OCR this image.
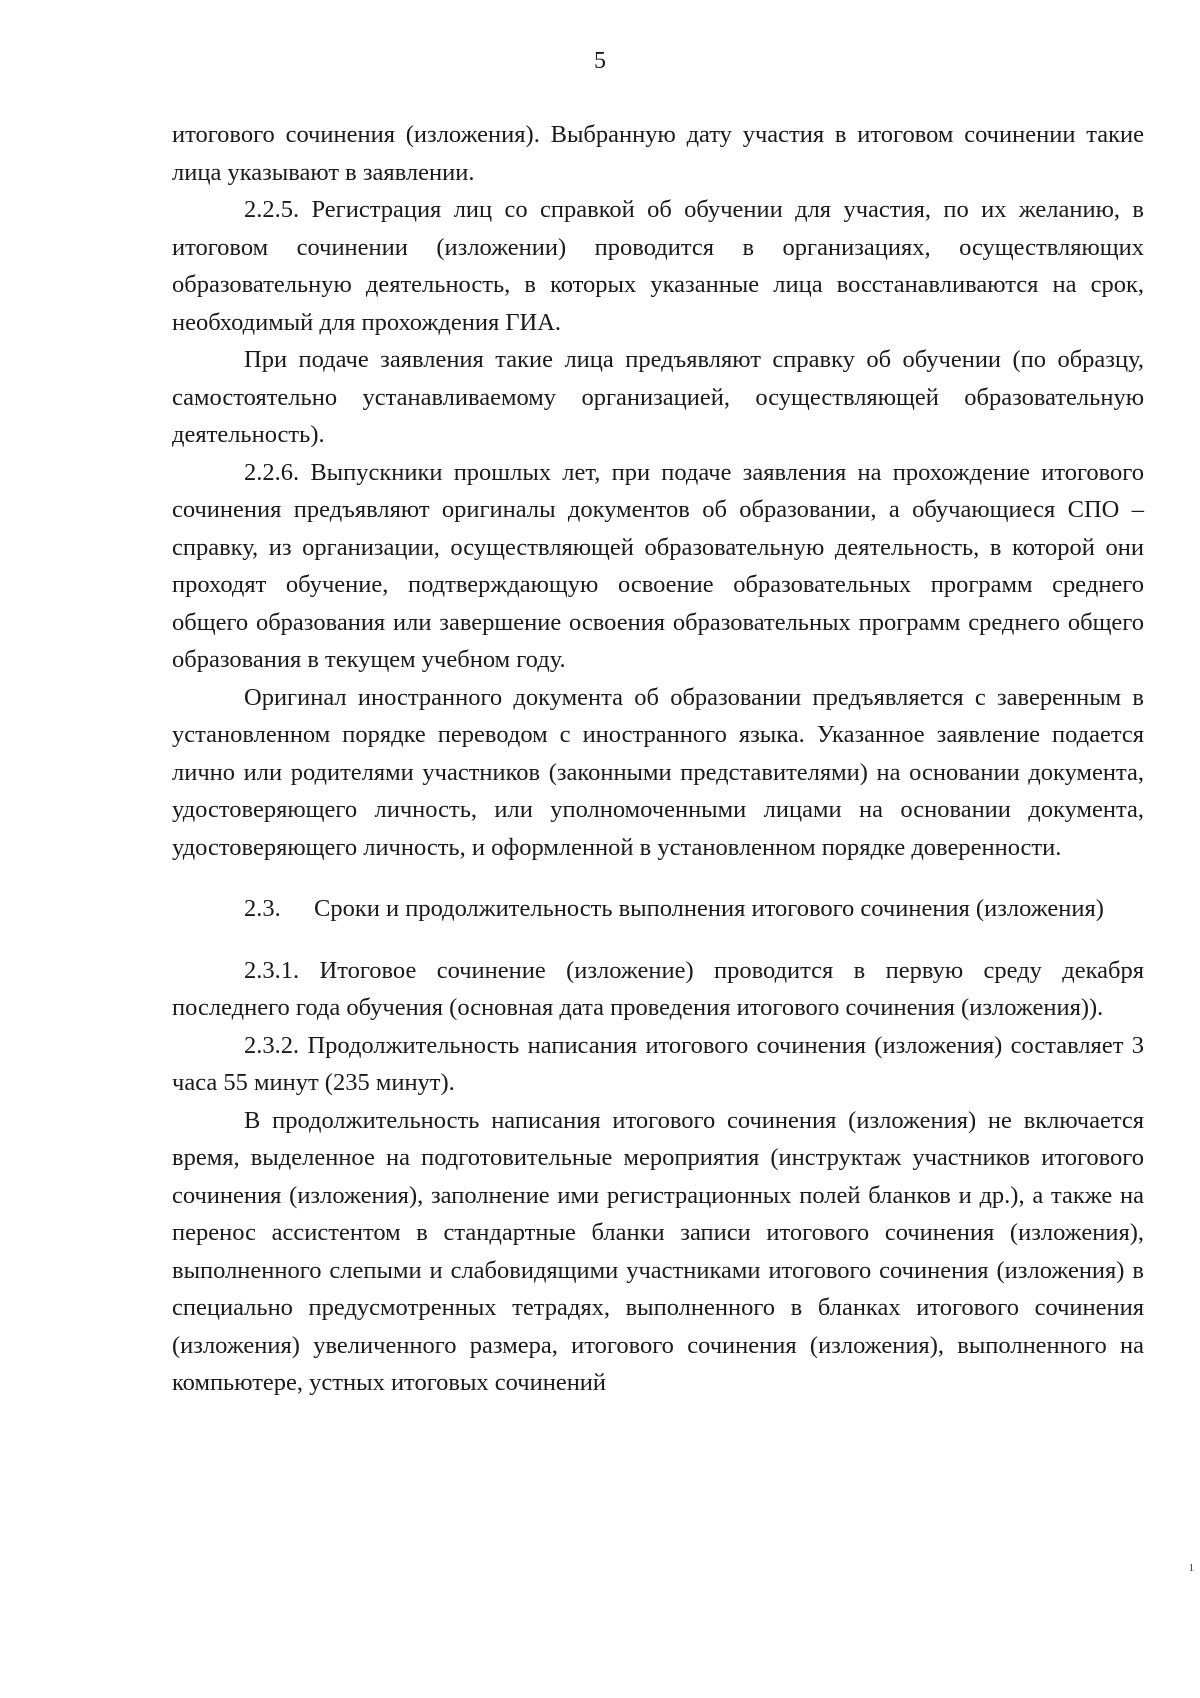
5

итогового сочинения (изложения). Выбранную дату участия в итоговом сочинении такие лица указывают в заявлении.

2.2.5. Регистрация лиц со справкой об обучении для участия, по их желанию, в итоговом сочинении (изложении) проводится в организациях, осуществляющих образовательную деятельность, в которых указанные лица восстанавливаются на срок, необходимый для прохождения ГИА.

При подаче заявления такие лица предъявляют справку об обучении (по образцу, самостоятельно устанавливаемому организацией, осуществляющей образовательную деятельность).

2.2.6. Выпускники прошлых лет, при подаче заявления на прохождение итогового сочинения предъявляют оригиналы документов об образовании, а обучающиеся СПО – справку, из организации, осуществляющей образовательную деятельность, в которой они проходят обучение, подтверждающую освоение образовательных программ среднего общего образования или завершение освоения образовательных программ среднего общего образования в текущем учебном году.

Оригинал иностранного документа об образовании предъявляется с заверенным в установленном порядке переводом с иностранного языка. Указанное заявление подается лично или родителями участников (законными представителями) на основании документа, удостоверяющего личность, или уполномоченными лицами на основании документа, удостоверяющего личность, и оформленной в установленном порядке доверенности.

2.3. Сроки и продолжительность выполнения итогового сочинения (изложения)

2.3.1. Итоговое сочинение (изложение) проводится в первую среду декабря последнего года обучения (основная дата проведения итогового сочинения (изложения)).

2.3.2. Продолжительность написания итогового сочинения (изложения) составляет 3 часа 55 минут (235 минут).

В продолжительность написания итогового сочинения (изложения) не включается время, выделенное на подготовительные мероприятия (инструктаж участников итогового сочинения (изложения), заполнение ими регистрационных полей бланков и др.), а также на перенос ассистентом в стандартные бланки записи итогового сочинения (изложения), выполненного слепыми и слабовидящими участниками итогового сочинения (изложения) в специально предусмотренных тетрадях, выполненного в бланках итогового сочинения (изложения) увеличенного размера, итогового сочинения (изложения), выполненного на компьютере, устных итоговых сочинений

1
